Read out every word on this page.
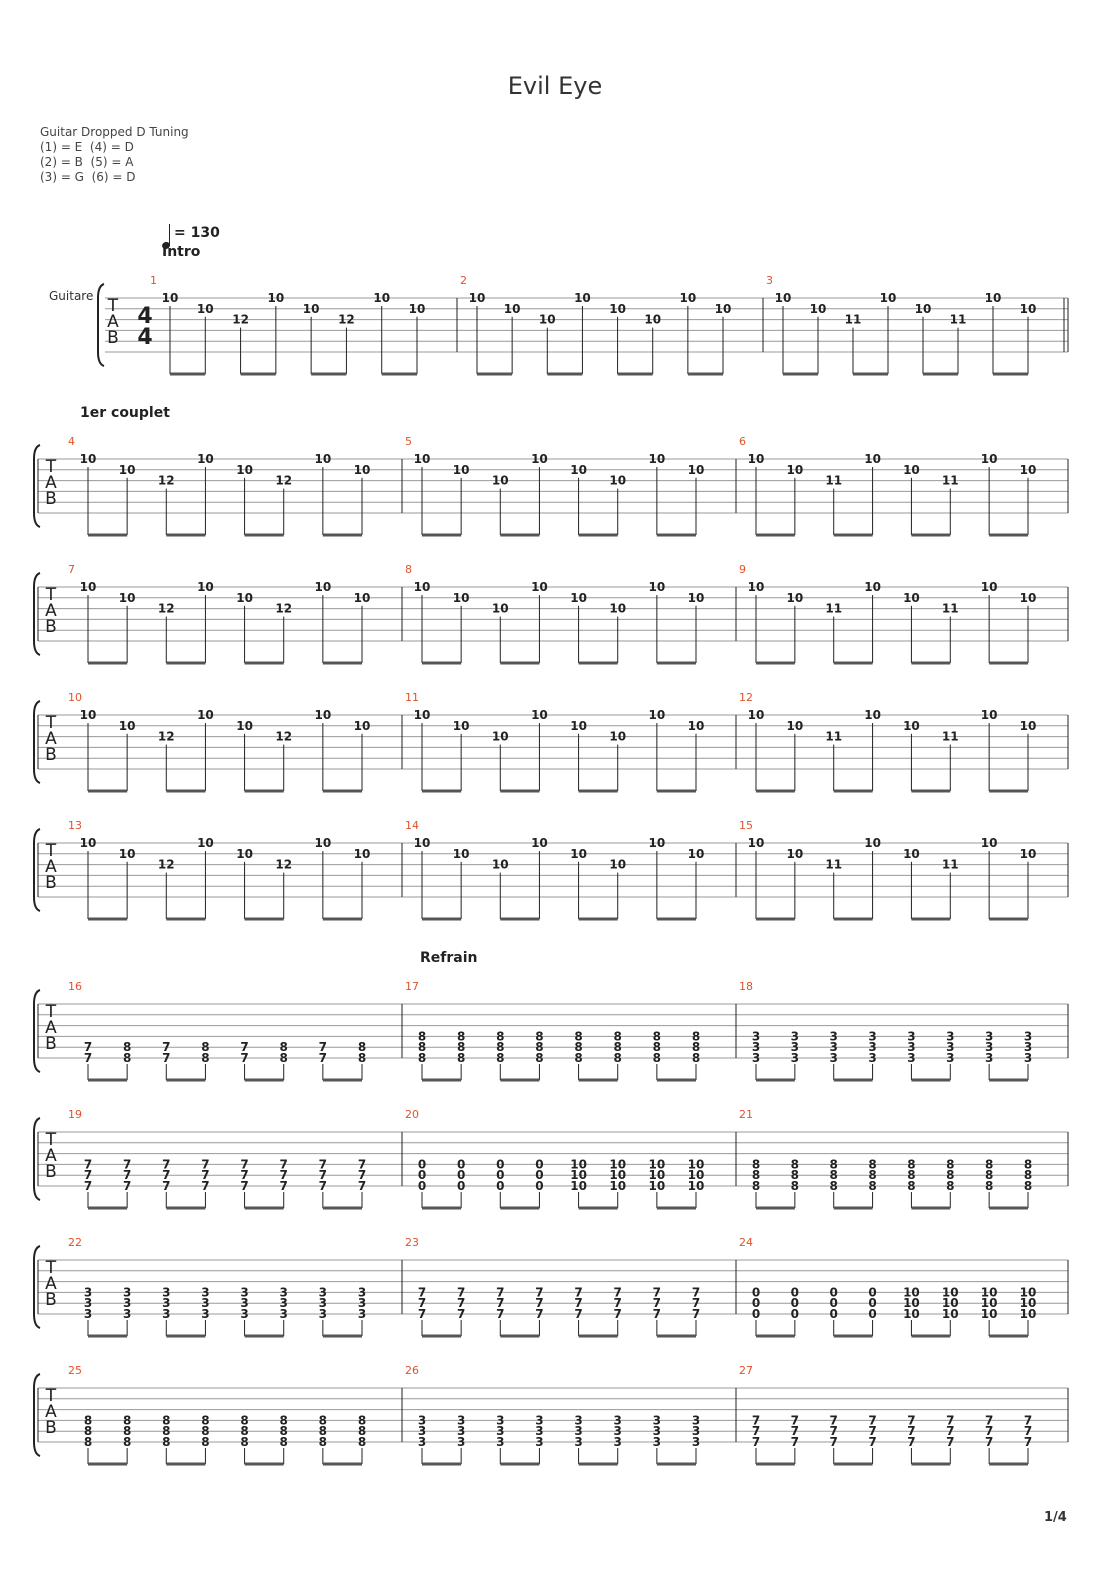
Evil Eye
Guitar Dropped D Tuning
(1) = E  (4) = D
(2) = B  (5) = A
(3) = G  (6) = D
= 130
Intro
1er couplet
Refrain
Guitare T
A
B
4
4
1
10
10
12
10
10
12
10
10
2
10
10
10
10
10
10
10
10
3
10
10
11
10
10
11
10
10
T
A
B
4
10
10
12
10
10
12
10
10
5
10
10
10
10
10
10
10
10
6
10
10
11
10
10
11
10
10
T
A
B
7
10
10
12
10
10
12
10
10
8
10
10
10
10
10
10
10
10
9
10
10
11
10
10
11
10
10
T
A
B
10
10
10
12
10
10
12
10
10
11
10
10
10
10
10
10
10
10
12
10
10
11
10
10
11
10
10
T
A
B
13
10
10
12
10
10
12
10
10
14
10
10
10
10
10
10
10
10
15
10
10
11
10
10
11
10
10
T
A
B
16
7
7
8
8
7
7
8
8
7
7
8
8
7
7
8
8
17
8
8
8
8
8
8
8
8
8
8
8
8
8
8
8
8
8
8
8
8
8
8
8
8
18
3
3
3
3
3
3
3
3
3
3
3
3
3
3
3
3
3
3
3
3
3
3
3
3
T
A
B
19
7
7
7
7
7
7
7
7
7
7
7
7
7
7
7
7
7
7
7
7
7
7
7
7
20
0
0
0
0
0
0
0
0
0
0
0
0
10
10
10
10
10
10
10
10
10
10
10
10
21
8
8
8
8
8
8
8
8
8
8
8
8
8
8
8
8
8
8
8
8
8
8
8
8
T
A
B
22
3
3
3
3
3
3
3
3
3
3
3
3
3
3
3
3
3
3
3
3
3
3
3
3
23
7
7
7
7
7
7
7
7
7
7
7
7
7
7
7
7
7
7
7
7
7
7
7
7
24
0
0
0
0
0
0
0
0
0
0
0
0
10
10
10
10
10
10
10
10
10
10
10
10
T
A
B
25
8
8
8
8
8
8
8
8
8
8
8
8
8
8
8
8
8
8
8
8
8
8
8
8
26
3
3
3
3
3
3
3
3
3
3
3
3
3
3
3
3
3
3
3
3
3
3
3
3
27
7
7
7
7
7
7
7
7
7
7
7
7
7
7
7
7
7
7
7
7
7
7
7
7
1/4
